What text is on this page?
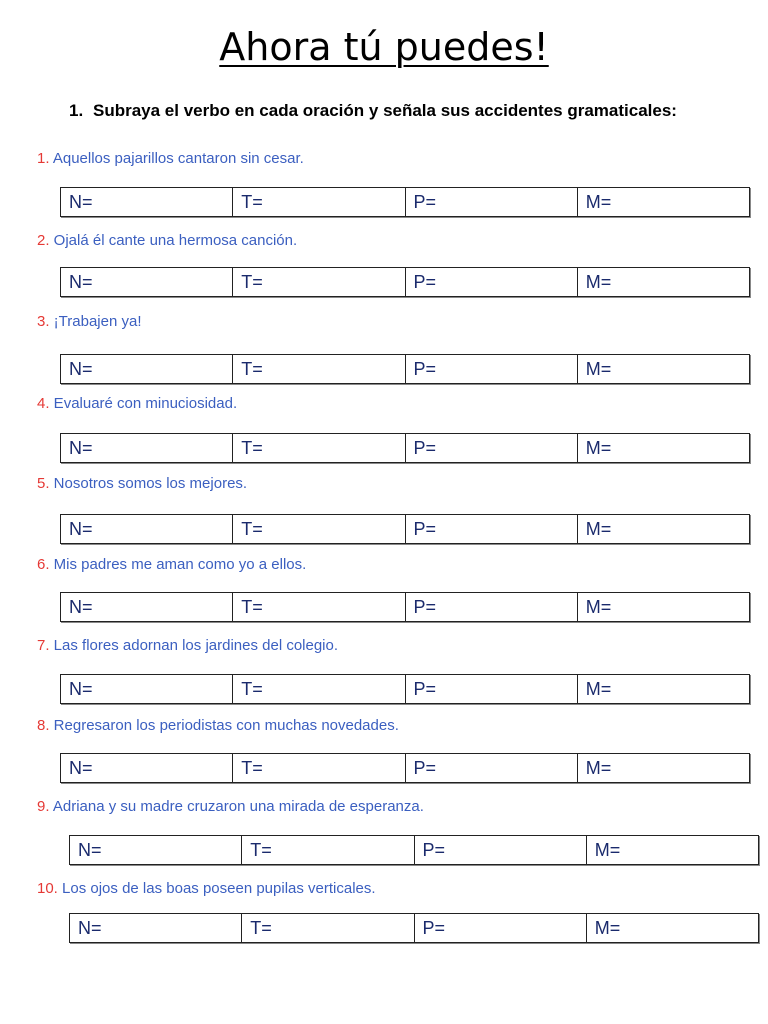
Ahora tú puedes!
1. Subraya el verbo en cada oración y señala sus accidentes gramaticales:
1. Aquellos pajarillos cantaron sin cesar.
N=	T=	P=	M=
2. Ojalá él cante una hermosa canción.
N=	T=	P=	M=
3. ¡Trabajen ya!
N=	T=	P=	M=
4. Evaluaré con minuciosidad.
N=	T=	P=	M=
5. Nosotros somos los mejores.
N=	T=	P=	M=
6. Mis padres me aman como yo a ellos.
N=	T=	P=	M=
7. Las flores adornan los jardines del colegio.
N=	T=	P=	M=
8. Regresaron los periodistas con muchas novedades.
N=	T=	P=	M=
9. Adriana y su madre cruzaron una mirada de esperanza.
N=	T=	P=	M=
10. Los ojos de las boas poseen pupilas verticales.
N=	T=	P=	M=
